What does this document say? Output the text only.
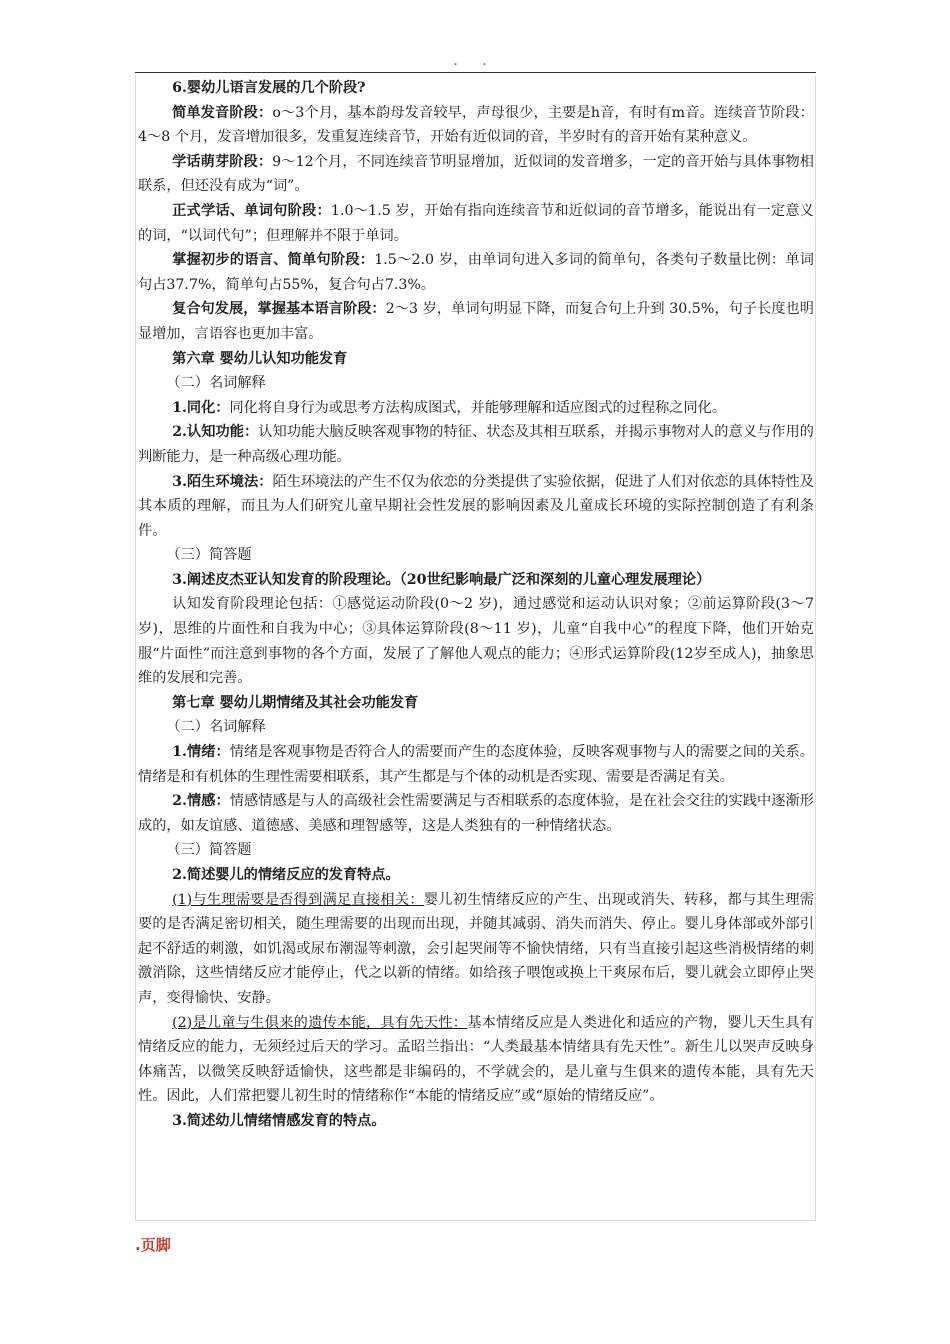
· ·

6.婴幼儿语言发展的几个阶段?

简单发音阶段：o～3个月，基本韵母发音较早，声母很少，主要是h音，有时有m音。连续音节阶段：4～8 个月，发音增加很多，发重复连续音节，开始有近似词的音，半岁时有的音开始有某种意义。

学话萌芽阶段：9～12个月，不同连续音节明显增加，近似词的发音增多，一定的音开始与具体事物相联系，但还没有成为“词”。

正式学话、单词句阶段：1.0～1.5 岁，开始有指向连续音节和近似词的音节增多，能说出有一定意义的词，“以词代句”；但理解并不限于单词。

掌握初步的语言、简单句阶段：1.5～2.0 岁，由单词句进入多词的简单句，各类句子数量比例：单词句占37.7%，简单句占55%，复合句占7.3%。

复合句发展，掌握基本语言阶段：2～3 岁，单词句明显下降，而复合句上升到 30.5%，句子长度也明显增加，言语容也更加丰富。

第六章 婴幼儿认知功能发育

（二）名词解释

1.同化：同化将自身行为或思考方法构成图式，并能够理解和适应图式的过程称之同化。

2.认知功能：认知功能大脑反映客观事物的特征、状态及其相互联系，并揭示事物对人的意义与作用的判断能力，是一种高级心理功能。

3.陌生环境法：陌生环境法的产生不仅为依恋的分类提供了实验依据，促进了人们对依恋的具体特性及其本质的理解，而且为人们研究儿童早期社会性发展的影响因素及儿童成长环境的实际控制创造了有利条件。

（三）简答题

3.阐述皮杰亚认知发育的阶段理论。（20世纪影响最广泛和深刻的儿童心理发展理论）

认知发育阶段理论包括：①感觉运动阶段(0～2 岁)，通过感觉和运动认识对象；②前运算阶段(3～7 岁)，思维的片面性和自我为中心；③具体运算阶段(8～11 岁)，儿童“自我中心”的程度下降，他们开始克服“片面性”而注意到事物的各个方面，发展了了解他人观点的能力；④形式运算阶段(12岁至成人)，抽象思维的发展和完善。

第七章 婴幼儿期情绪及其社会功能发育

（二）名词解释

1.情绪：情绪是客观事物是否符合人的需要而产生的态度体验，反映客观事物与人的需要之间的关系。情绪是和有机体的生理性需要相联系，其产生都是与个体的动机是否实现、需要是否满足有关。

2.情感：情感情感是与人的高级社会性需要满足与否相联系的态度体验，是在社会交往的实践中逐渐形成的，如友谊感、道德感、美感和理智感等，这是人类独有的一种情绪状态。

（三）简答题

2.简述婴儿的情绪反应的发育特点。

(1)与生理需要是否得到满足直接相关：婴儿初生情绪反应的产生、出现或消失、转移，都与其生理需要的是否满足密切相关，随生理需要的出现而出现，并随其减弱、消失而消失、停止。婴儿身体部或外部引起不舒适的刺激，如饥渴或尿布潮湿等刺激，会引起哭闹等不愉快情绪，只有当直接引起这些消极情绪的刺激消除，这些情绪反应才能停止，代之以新的情绪。如给孩子喂饱或换上干爽尿布后，婴儿就会立即停止哭声，变得愉快、安静。

(2)是儿童与生俱来的遗传本能，具有先天性：基本情绪反应是人类进化和适应的产物，婴儿天生具有情绪反应的能力，无须经过后天的学习。孟昭兰指出：“人类最基本情绪具有先天性”。新生儿以哭声反映身体痛苦，以微笑反映舒适愉快，这些都是非编码的，不学就会的，是儿童与生俱来的遗传本能，具有先天性。因此，人们常把婴儿初生时的情绪称作“本能的情绪反应”或“原始的情绪反应”。

3.简述幼儿情绪情感发育的特点。

.页脚
